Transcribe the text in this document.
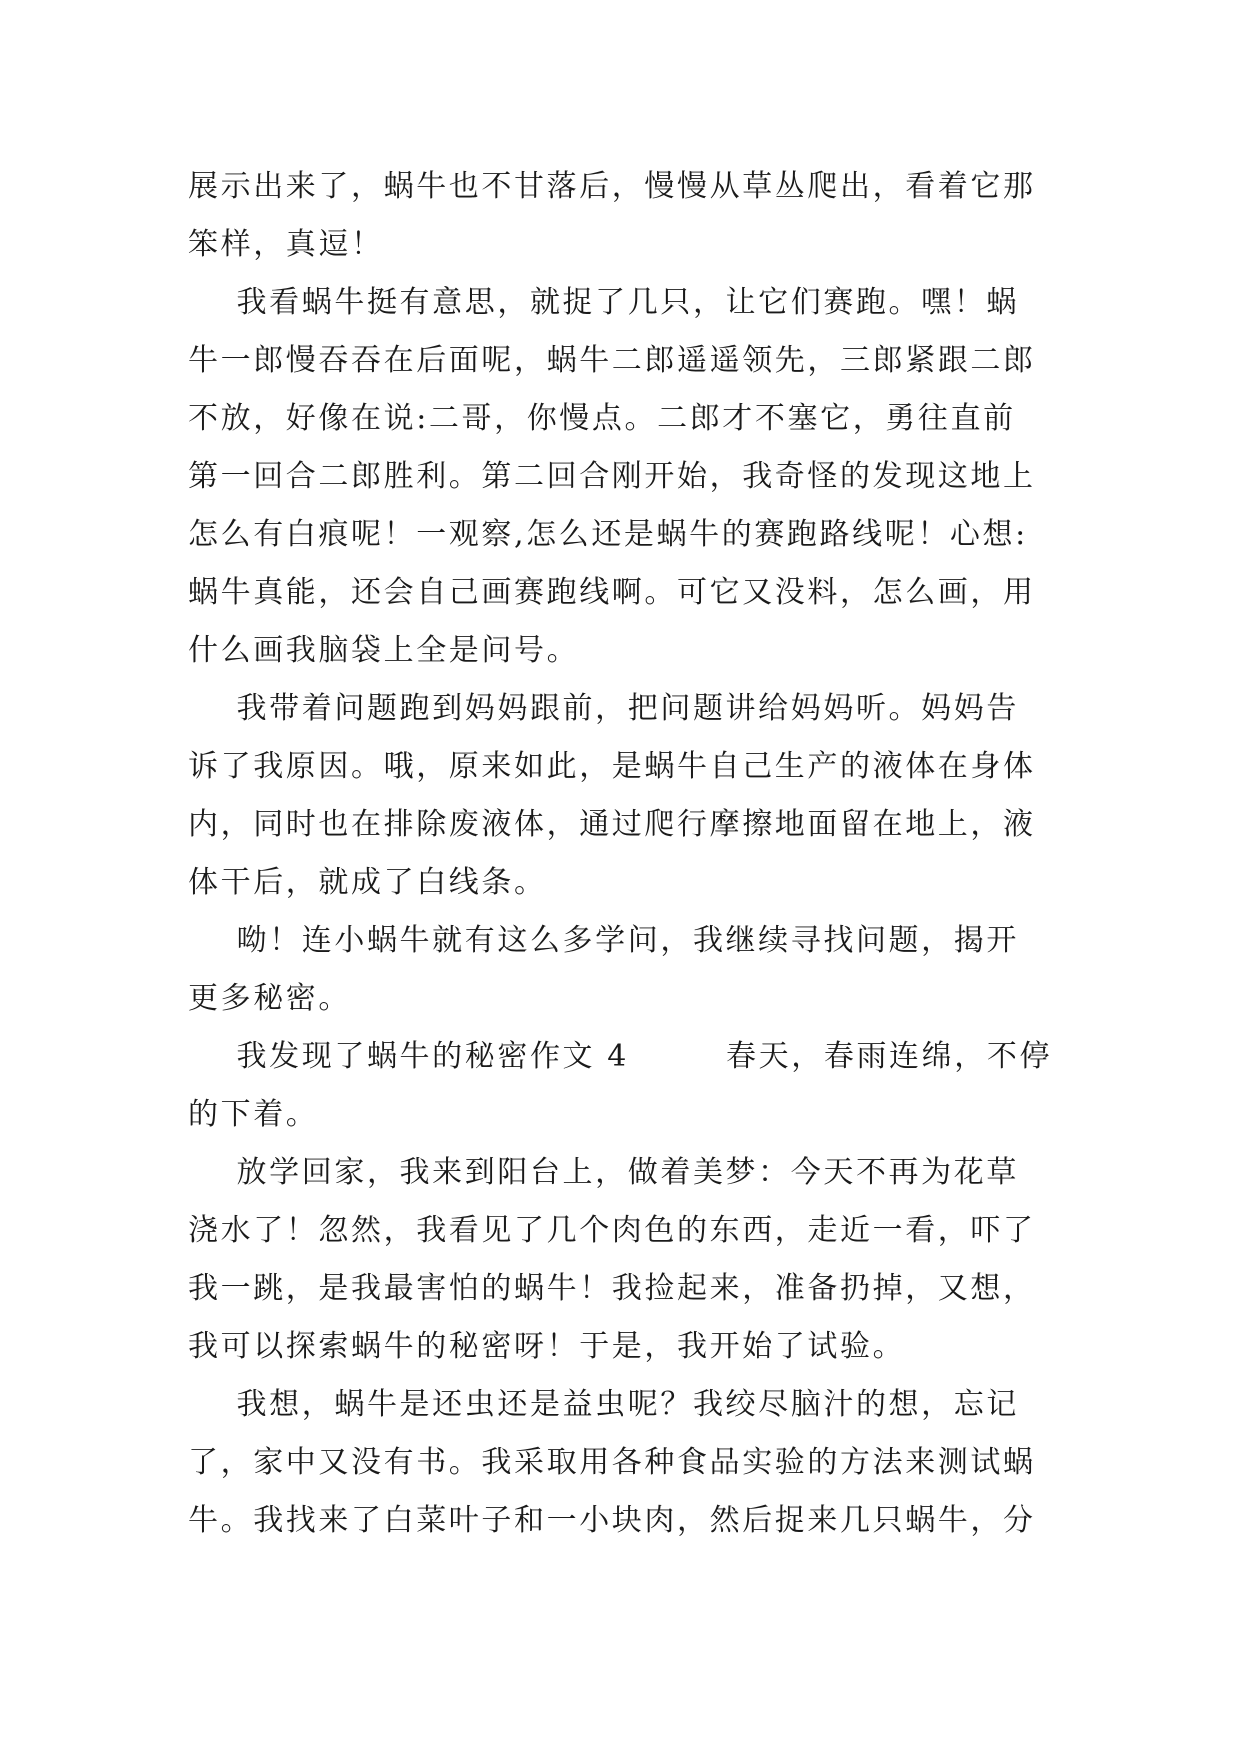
展示出来了，蜗牛也不甘落后，慢慢从草丛爬出，看着它那
笨样，真逗！
我看蜗牛挺有意思，就捉了几只，让它们赛跑。嘿！蜗
牛一郎慢吞吞在后面呢，蜗牛二郎遥遥领先，三郎紧跟二郎
不放，好像在说:二哥，你慢点。二郎才不塞它，勇往直前
第一回合二郎胜利。第二回合刚开始，我奇怪的发现这地上
怎么有白痕呢！一观察,怎么还是蜗牛的赛跑路线呢！心想:
蜗牛真能，还会自己画赛跑线啊。可它又没料，怎么画，用
什么画我脑袋上全是问号。
我带着问题跑到妈妈跟前，把问题讲给妈妈听。妈妈告
诉了我原因。哦，原来如此，是蜗牛自己生产的液体在身体
内，同时也在排除废液体，通过爬行摩擦地面留在地上，液
体干后，就成了白线条。
呦！连小蜗牛就有这么多学问，我继续寻找问题，揭开
更多秘密。
我发现了蜗牛的秘密作文 4        春天，春雨连绵，不停
的下着。
放学回家，我来到阳台上，做着美梦：今天不再为花草
浇水了！忽然，我看见了几个肉色的东西，走近一看，吓了
我一跳，是我最害怕的蜗牛！我捡起来，准备扔掉，又想，
我可以探索蜗牛的秘密呀！于是，我开始了试验。
我想，蜗牛是还虫还是益虫呢？我绞尽脑汁的想，忘记
了，家中又没有书。我采取用各种食品实验的方法来测试蜗
牛。我找来了白菜叶子和一小块肉，然后捉来几只蜗牛，分
